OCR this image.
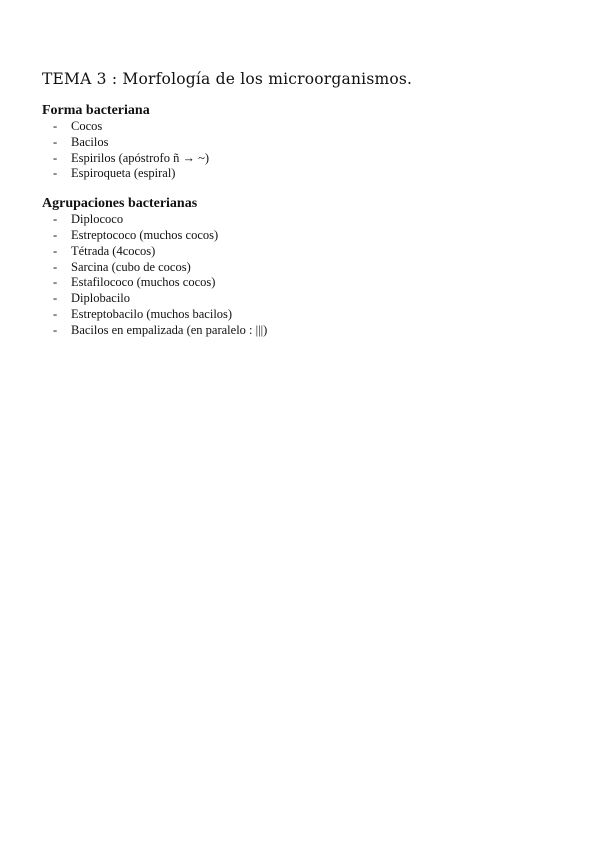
TEMA 3 : Morfología de los microorganismos.
Forma bacteriana
- Cocos
- Bacilos
- Espirilos (apóstrofo ñ → ~)
- Espiroqueta (espiral)
Agrupaciones bacterianas
- Diplococo
- Estreptococo (muchos cocos)
- Tétrada (4cocos)
- Sarcina (cubo de cocos)
- Estafilococo (muchos cocos)
- Diplobacilo
- Estreptobacilo (muchos bacilos)
- Bacilos en empalizada (en paralelo : |||)
